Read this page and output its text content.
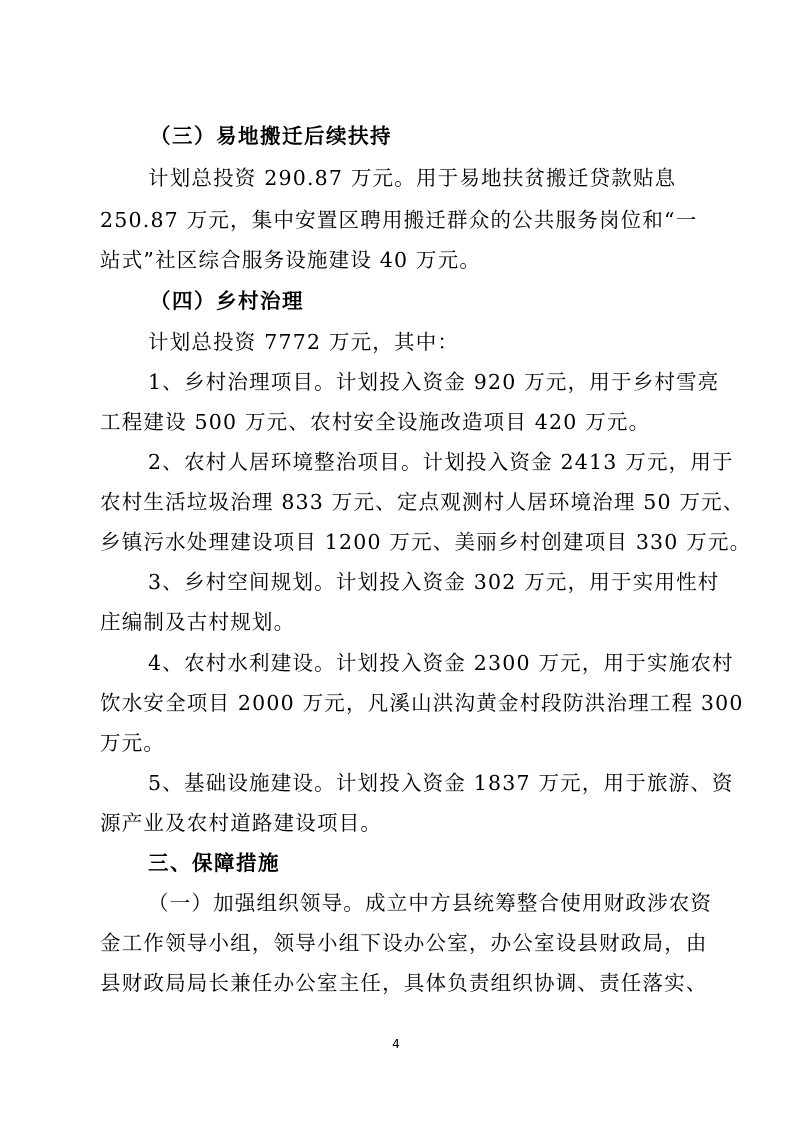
（三）易地搬迁后续扶持
计划总投资 290.87 万元。用于易地扶贫搬迁贷款贴息
250.87 万元，集中安置区聘用搬迁群众的公共服务岗位和“一
站式”社区综合服务设施建设 40 万元。
（四）乡村治理
计划总投资 7772 万元，其中：
1、乡村治理项目。计划投入资金 920 万元，用于乡村雪亮
工程建设 500 万元、农村安全设施改造项目 420 万元。
2、农村人居环境整治项目。计划投入资金 2413 万元，用于
农村生活垃圾治理 833 万元、定点观测村人居环境治理 50 万元、
乡镇污水处理建设项目 1200 万元、美丽乡村创建项目 330 万元。
3、乡村空间规划。计划投入资金 302 万元，用于实用性村
庄编制及古村规划。
4、农村水利建设。计划投入资金 2300 万元，用于实施农村
饮水安全项目 2000 万元，凡溪山洪沟黄金村段防洪治理工程 300
万元。
5、基础设施建设。计划投入资金 1837 万元，用于旅游、资
源产业及农村道路建设项目。
三、保障措施
（一）加强组织领导。成立中方县统筹整合使用财政涉农资
金工作领导小组，领导小组下设办公室，办公室设县财政局，由
县财政局局长兼任办公室主任，具体负责组织协调、责任落实、
4
